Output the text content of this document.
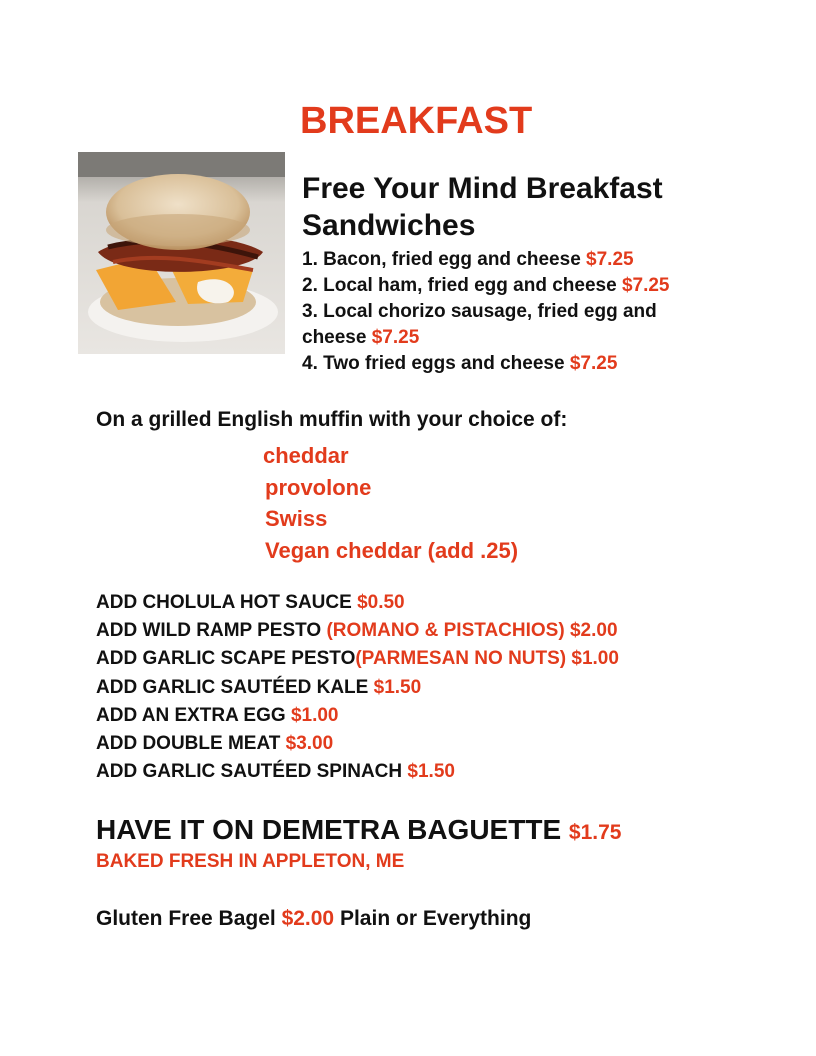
BREAKFAST
Free Your Mind Breakfast Sandwiches
1. Bacon, fried egg and cheese $7.25
2. Local ham, fried egg and cheese $7.25
3. Local chorizo sausage, fried egg and cheese $7.25
4. Two fried eggs and cheese $7.25
On a grilled English muffin with your choice of:
cheddar
provolone
Swiss
Vegan cheddar (add .25)
ADD CHOLULA HOT SAUCE $0.50
ADD WILD RAMP PESTO (ROMANO & PISTACHIOS) $2.00
ADD GARLIC SCAPE PESTO(PARMESAN NO NUTS) $1.00
ADD GARLIC SAUTÉED KALE $1.50
ADD AN EXTRA EGG $1.00
ADD DOUBLE MEAT $3.00
ADD GARLIC SAUTÉED SPINACH $1.50
HAVE IT ON DEMETRA BAGUETTE $1.75
BAKED FRESH IN APPLETON, ME
Gluten Free Bagel $2.00 Plain or Everything
